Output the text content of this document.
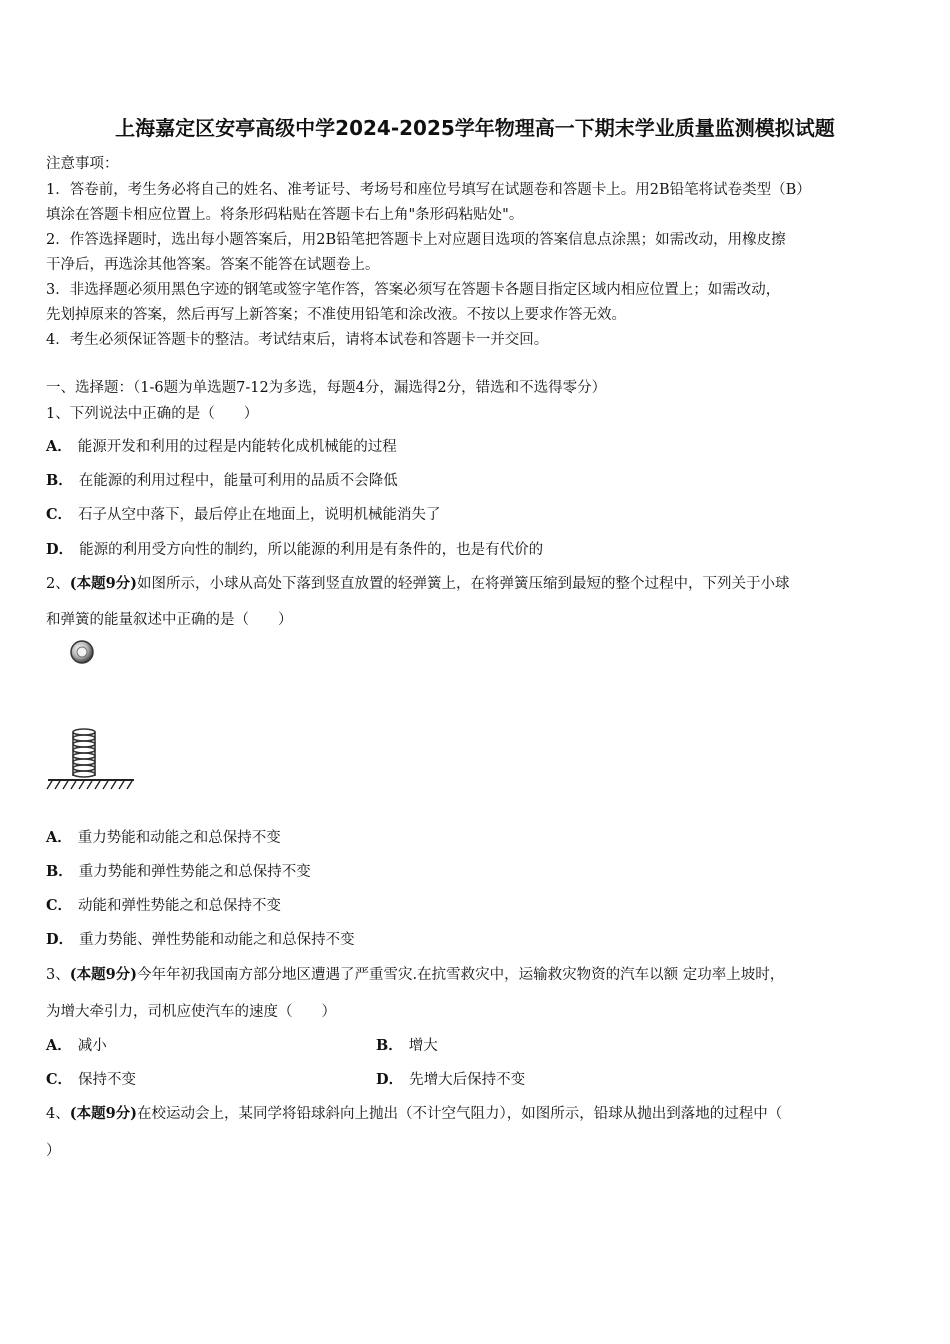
上海嘉定区安亭高级中学2024-2025学年物理高一下期末学业质量监测模拟试题
注意事项：
1．答卷前，考生务必将自己的姓名、准考证号、考场号和座位号填写在试题卷和答题卡上。用2B铅笔将试卷类型（B）
填涂在答题卡相应位置上。将条形码粘贴在答题卡右上角"条形码粘贴处"。
2．作答选择题时，选出每小题答案后，用2B铅笔把答题卡上对应题目选项的答案信息点涂黑；如需改动，用橡皮擦
干净后，再选涂其他答案。答案不能答在试题卷上。
3．非选择题必须用黑色字迹的钢笔或签字笔作答，答案必须写在答题卡各题目指定区域内相应位置上；如需改动，
先划掉原来的答案，然后再写上新答案；不准使用铅笔和涂改液。不按以上要求作答无效。
4．考生必须保证答题卡的整洁。考试结束后，请将本试卷和答题卡一并交回。
一、选择题：（1-6题为单选题7-12为多选，每题4分，漏选得2分，错选和不选得零分）
1、下列说法中正确的是（　　）
A． 能源开发和利用的过程是内能转化成机械能的过程
B． 在能源的利用过程中，能量可利用的品质不会降低
C． 石子从空中落下，最后停止在地面上，说明机械能消失了
D． 能源的利用受方向性的制约，所以能源的利用是有条件的，也是有代价的
2、(本题9分)如图所示，小球从高处下落到竖直放置的轻弹簧上，在将弹簧压缩到最短的整个过程中，下列关于小球
和弹簧的能量叙述中正确的是（　　）
A． 重力势能和动能之和总保持不变
B． 重力势能和弹性势能之和总保持不变
C． 动能和弹性势能之和总保持不变
D． 重力势能、弹性势能和动能之和总保持不变
3、(本题9分)今年年初我国南方部分地区遭遇了严重雪灾.在抗雪救灾中，运输救灾物资的汽车以额 定功率上坡时，
为增大牵引力，司机应使汽车的速度（　　）
A． 减小	B． 增大
C． 保持不变	D． 先增大后保持不变
4、(本题9分)在校运动会上，某同学将铅球斜向上抛出（不计空气阻力），如图所示，铅球从抛出到落地的过程中（
）
